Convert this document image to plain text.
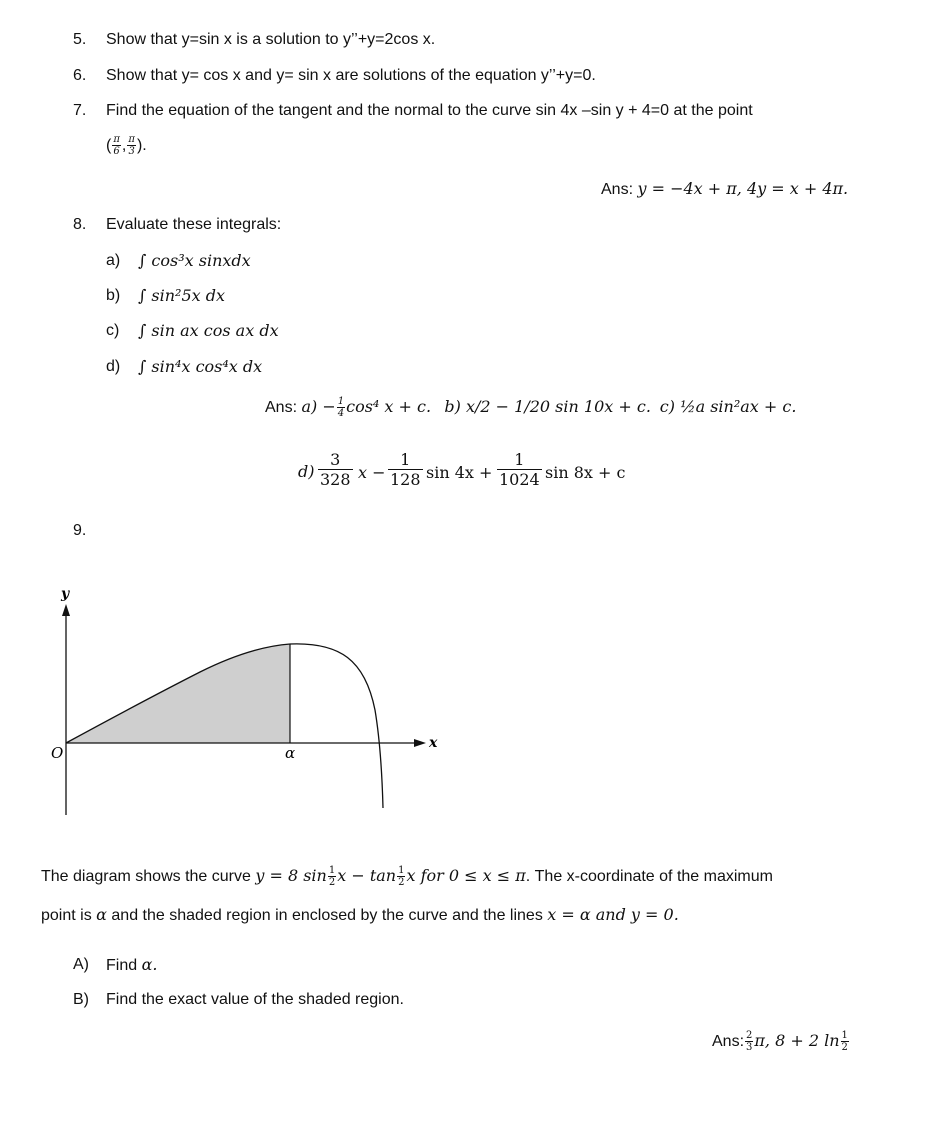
5. Show that y=sin x is a solution to y’’+y=2cos x.
6. Show that y= cos x and y= sin x are solutions of the equation y’’+y=0.
7. Find the equation of the tangent and the normal to the curve sin 4x –sin y + 4=0 at the point
( $\frac{\pi}{6}$ , $\frac{\pi}{3}$ ).
Ans: y = −4x + π, 4y = x + 4π.
8. Evaluate these integrals:
a) ∫ cos³x sinxdx
b) ∫ sin²5x dx
c) ∫ sin ax cos ax dx
d) ∫ sin⁴x cos⁴x dx
Ans: $a) - \frac{1}{4} \cos^4$ x + c. b) x/2 − 1/20 sin 10x + c. c) ½a sin²ax + c.
d)
3
328 x −
1
128 sin 4x +
1
1024 sin 8x + c
9.
y
x
O	α
The diagram shows the curve y = 8 $\sin \frac{1}{2}$ $x - \tan \frac{1}{2}$ x for 0 ≤ x ≤ π. The x-coordinate of the maximum
point is α and the shaded region in enclosed by the curve and the lines x = α and y = 0.
A) Find α.
B) Find the exact value of the shaded region.
Ans: $\frac{2}{3} \pi$, 8 + 2 $\ln \frac{1}{2}$
